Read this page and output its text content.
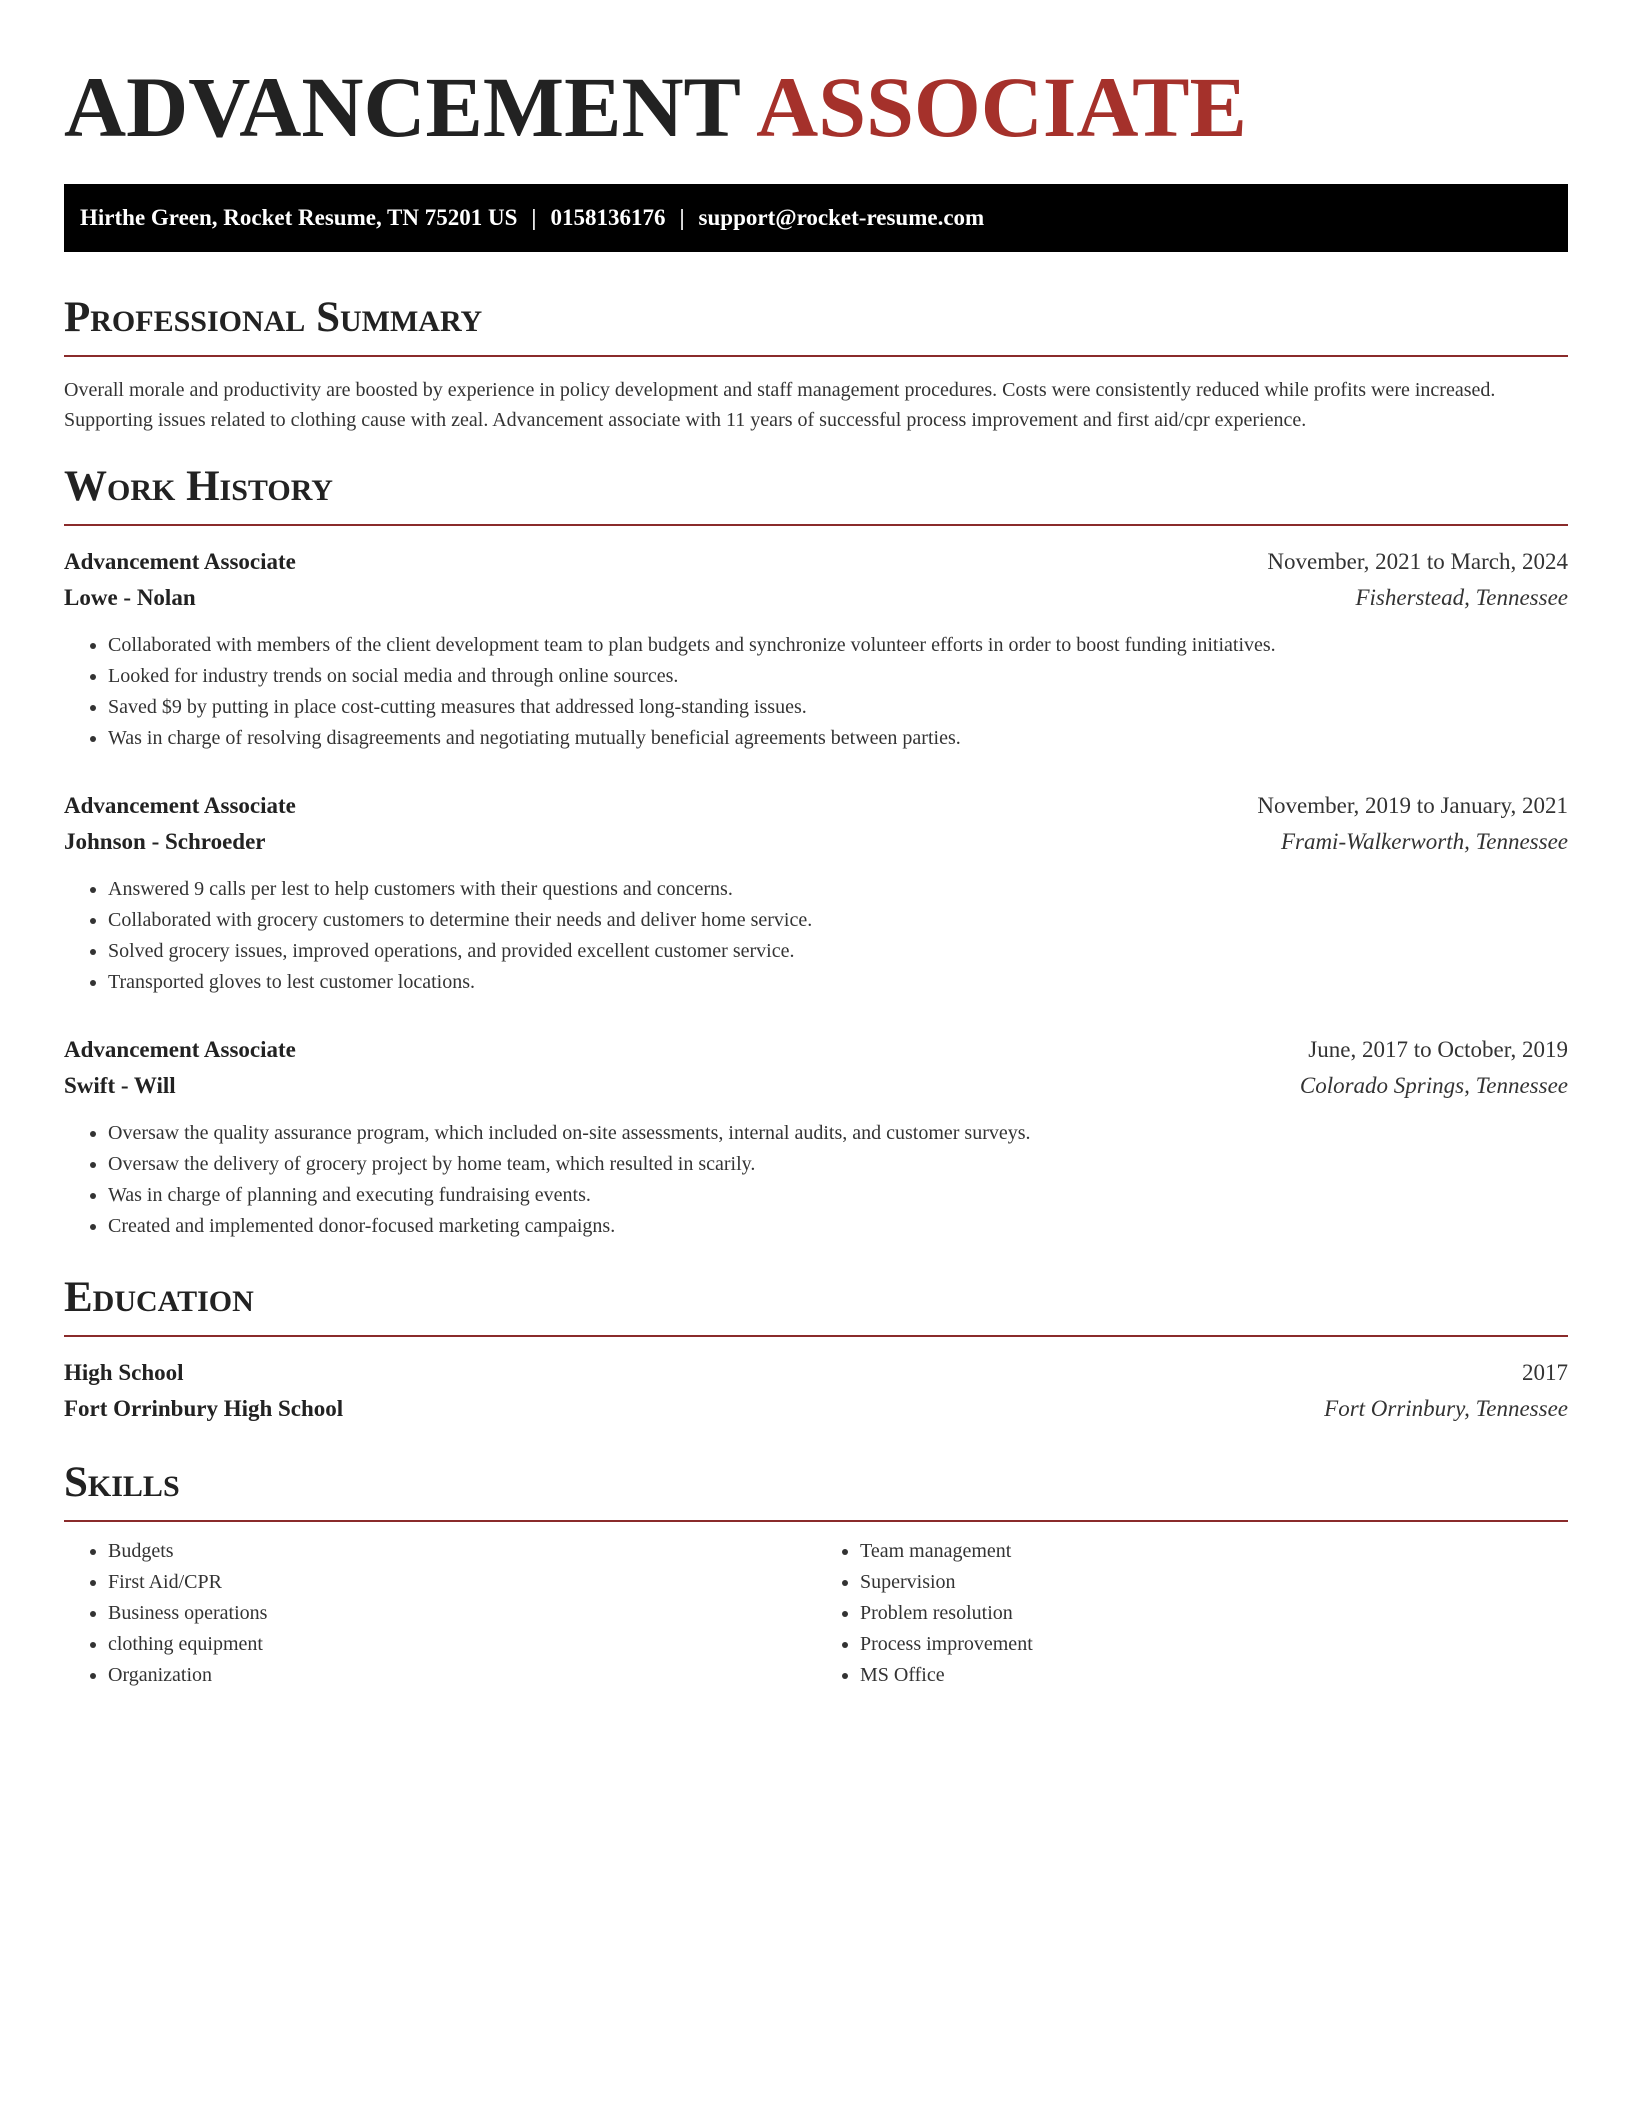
ADVANCEMENT ASSOCIATE
Hirthe Green, Rocket Resume, TN 75201 US | 0158136176 | support@rocket-resume.com
Professional Summary

Overall morale and productivity are boosted by experience in policy development and staff management procedures. Costs were consistently reduced while profits were increased. Supporting issues related to clothing cause with zeal. Advancement associate with 11 years of successful process improvement and first aid/cpr experience.

Work History
Advancement Associate	November, 2021 to March, 2024
Lowe - Nolan	Fisherstead, Tennessee
• Collaborated with members of the client development team to plan budgets and synchronize volunteer efforts in order to boost funding initiatives.
• Looked for industry trends on social media and through online sources.
• Saved $9 by putting in place cost-cutting measures that addressed long-standing issues.
• Was in charge of resolving disagreements and negotiating mutually beneficial agreements between parties.
Advancement Associate	November, 2019 to January, 2021
Johnson - Schroeder	Frami-Walkerworth, Tennessee
• Answered 9 calls per lest to help customers with their questions and concerns.
• Collaborated with grocery customers to determine their needs and deliver home service.
• Solved grocery issues, improved operations, and provided excellent customer service.
• Transported gloves to lest customer locations.
Advancement Associate	June, 2017 to October, 2019
Swift - Will	Colorado Springs, Tennessee
• Oversaw the quality assurance program, which included on-site assessments, internal audits, and customer surveys.
• Oversaw the delivery of grocery project by home team, which resulted in scarily.
• Was in charge of planning and executing fundraising events.
• Created and implemented donor-focused marketing campaigns.
Education
High School	2017
Fort Orrinbury High School	Fort Orrinbury, Tennessee
Skills
• Budgets
• First Aid/CPR
• Business operations
• clothing equipment
• Organization
• Team management
• Supervision
• Problem resolution
• Process improvement
• MS Office
